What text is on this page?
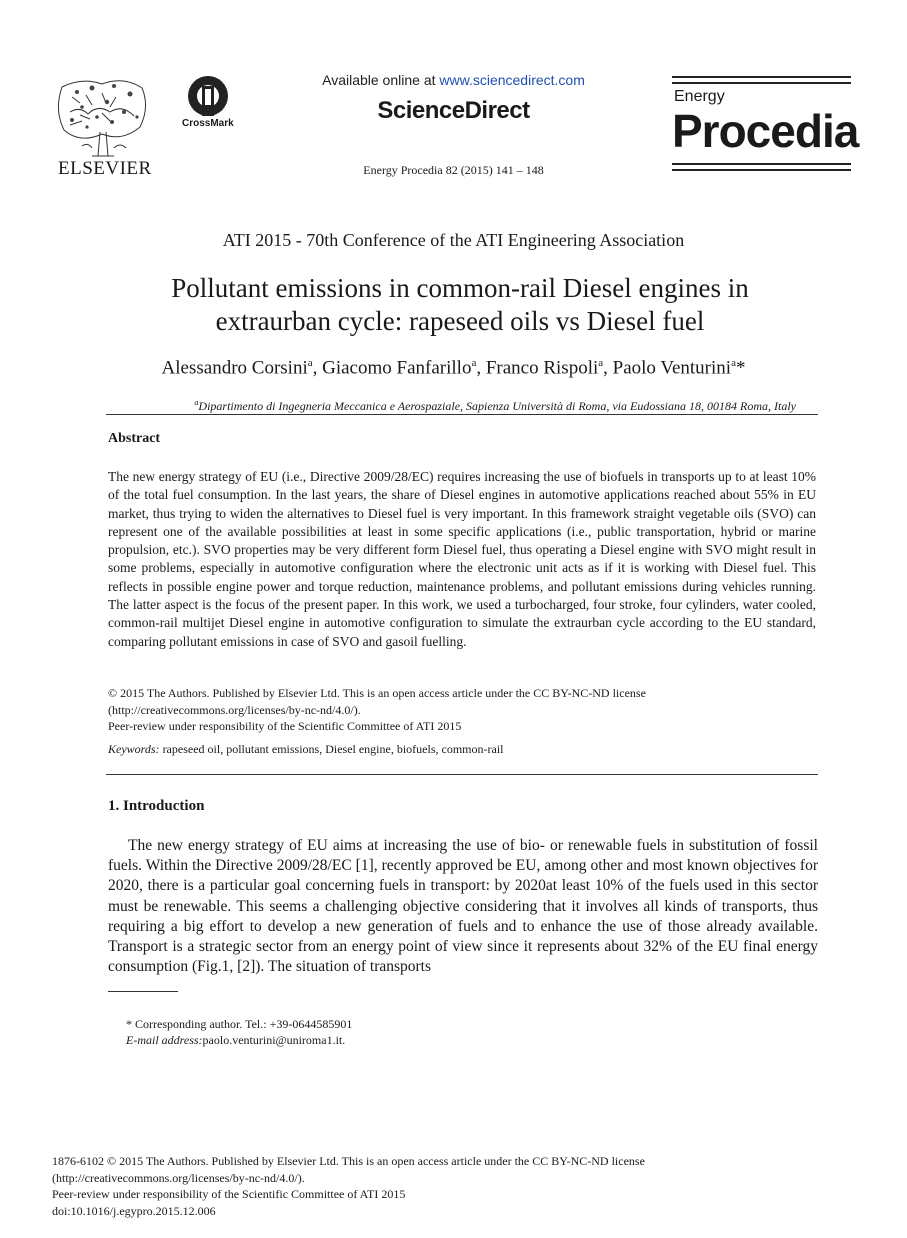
ELSEVIER
CrossMark
Available online at www.sciencedirect.com
ScienceDirect
Energy Procedia 82 (2015) 141 – 148
Energy
Procedia
ATI 2015 - 70th Conference of the ATI Engineering Association
Pollutant emissions in common-rail Diesel engines in
extraurban cycle: rapeseed oils vs Diesel fuel
Alessandro Corsini$^a$, Giacomo Fanfarillo$^a$, Franco Rispoli$^a$, Paolo Venturini$^a$*
$^a$Dipartimento di Ingegneria Meccanica e Aerospaziale, Sapienza Università di Roma, via Eudossiana 18, 00184 Roma, Italy
Abstract
The new energy strategy of EU (i.e., Directive 2009/28/EC) requires increasing the use of biofuels in transports up to at least 10% of the total fuel consumption. In the last years, the share of Diesel engines in automotive applications reached about 55% in EU market, thus trying to widen the alternatives to Diesel fuel is very important. In this framework straight vegetable oils (SVO) can represent one of the available possibilities at least in some specific applications (i.e., public transportation, hybrid or marine propulsion, etc.). SVO properties may be very different form Diesel fuel, thus operating a Diesel engine with SVO might result in some problems, especially in automotive configuration where the electronic unit acts as if it is working with Diesel fuel. This reflects in possible engine power and torque reduction, maintenance problems, and pollutant emissions during vehicles running. The latter aspect is the focus of the present paper. In this work, we used a turbocharged, four stroke, four cylinders, water cooled, common-rail multijet Diesel engine in automotive configuration to simulate the extraurban cycle according to the EU standard, comparing pollutant emissions in case of SVO and gasoil fuelling.
© 2015 The Authors. Published by Elsevier Ltd. This is an open access article under the CC BY-NC-ND license
(http://creativecommons.org/licenses/by-nc-nd/4.0/).
Peer-review under responsibility of the Scientific Committee of ATI 2015
Keywords: rapeseed oil, pollutant emissions, Diesel engine, biofuels, common-rail
1. Introduction
The new energy strategy of EU aims at increasing the use of bio- or renewable fuels in substitution of fossil fuels. Within the Directive 2009/28/EC [1], recently approved be EU, among other and most known objectives for 2020, there is a particular goal concerning fuels in transport: by 2020at least 10% of the fuels used in this sector must be renewable. This seems a challenging objective considering that it involves all kinds of transports, thus requiring a big effort to develop a new generation of fuels and to enhance the use of those already available. Transport is a strategic sector from an energy point of view since it represents about 32% of the EU final energy consumption (Fig.1, [2]). The situation of transports
* Corresponding author. Tel.: +39-0644585901
E-mail address:paolo.venturini@uniroma1.it.
1876-6102 © 2015 The Authors. Published by Elsevier Ltd. This is an open access article under the CC BY-NC-ND license
(http://creativecommons.org/licenses/by-nc-nd/4.0/).
Peer-review under responsibility of the Scientific Committee of ATI 2015
doi:10.1016/j.egypro.2015.12.006
